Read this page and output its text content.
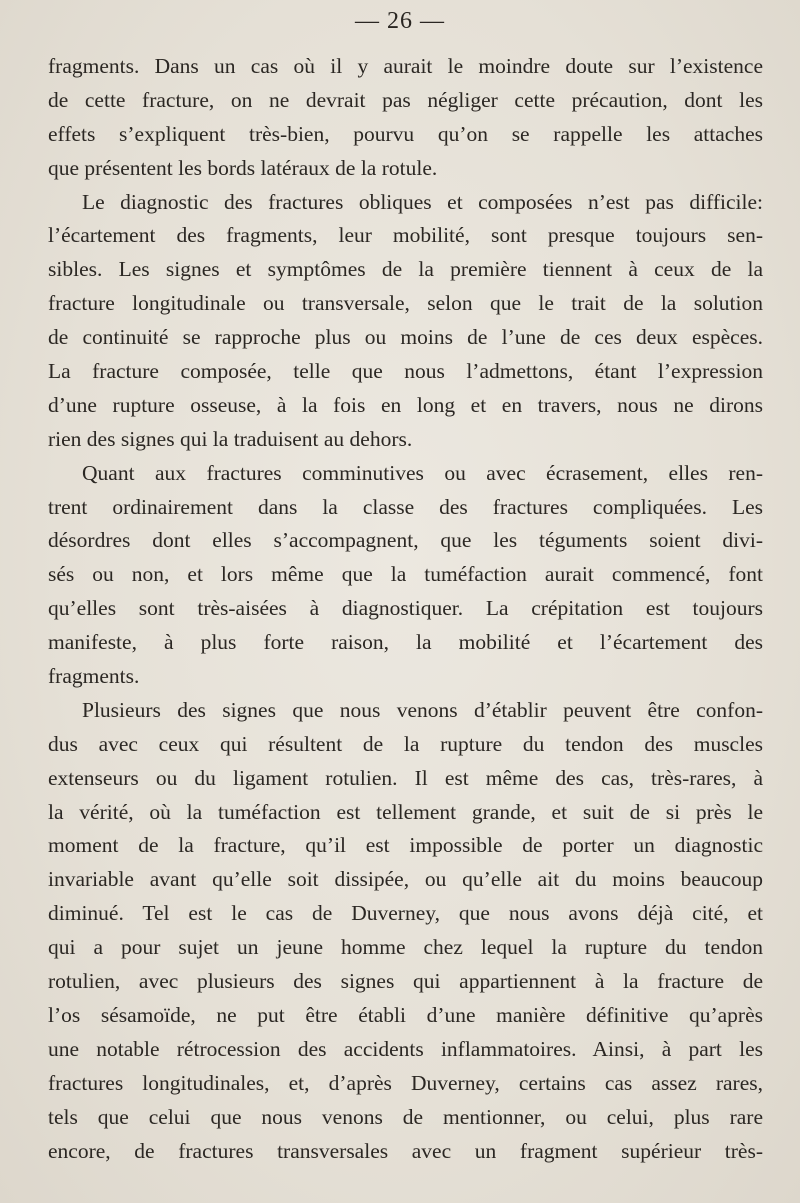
— 26 —
fragments. Dans un cas où il y aurait le moindre doute sur l’existence
de cette fracture, on ne devrait pas négliger cette précaution, dont les
effets s’expliquent très-bien, pourvu qu’on se rappelle les attaches
que présentent les bords latéraux de la rotule.
Le diagnostic des fractures obliques et composées n’est pas difficile:
l’écartement des fragments, leur mobilité, sont presque toujours sen-
sibles. Les signes et symptômes de la première tiennent à ceux de la
fracture longitudinale ou transversale, selon que le trait de la solution
de continuité se rapproche plus ou moins de l’une de ces deux espèces.
La fracture composée, telle que nous l’admettons, étant l’expression
d’une rupture osseuse, à la fois en long et en travers, nous ne dirons
rien des signes qui la traduisent au dehors.
Quant aux fractures comminutives ou avec écrasement, elles ren-
trent ordinairement dans la classe des fractures compliquées. Les
désordres dont elles s’accompagnent, que les téguments soient divi-
sés ou non, et lors même que la tuméfaction aurait commencé, font
qu’elles sont très-aisées à diagnostiquer. La crépitation est toujours
manifeste, à plus forte raison, la mobilité et l’écartement des
fragments.
Plusieurs des signes que nous venons d’établir peuvent être confon-
dus avec ceux qui résultent de la rupture du tendon des muscles
extenseurs ou du ligament rotulien. Il est même des cas, très-rares, à
la vérité, où la tuméfaction est tellement grande, et suit de si près le
moment de la fracture, qu’il est impossible de porter un diagnostic
invariable avant qu’elle soit dissipée, ou qu’elle ait du moins beaucoup
diminué. Tel est le cas de Duverney, que nous avons déjà cité, et
qui a pour sujet un jeune homme chez lequel la rupture du tendon
rotulien, avec plusieurs des signes qui appartiennent à la fracture de
l’os sésamoïde, ne put être établi d’une manière définitive qu’après
une notable rétrocession des accidents inflammatoires. Ainsi, à part les
fractures longitudinales, et, d’après Duverney, certains cas assez rares,
tels que celui que nous venons de mentionner, ou celui, plus rare
encore, de fractures transversales avec un fragment supérieur très-
